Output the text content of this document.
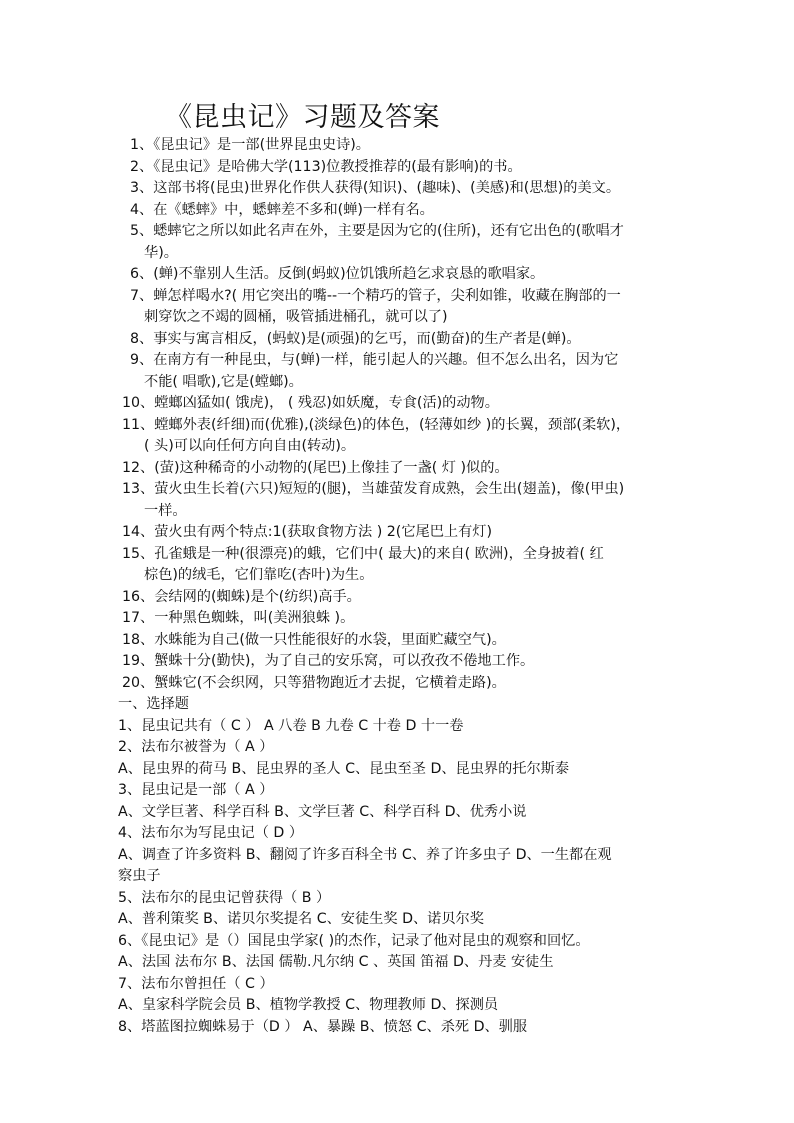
《昆虫记》习题及答案
1、《昆虫记》是一部(世界昆虫史诗)。
2、《昆虫记》是哈佛大学(113)位教授推荐的(最有影响)的书。
3、这部书将(昆虫)世界化作供人获得(知识)、(趣味)、(美感)和(思想)的美文。
4、在《蟋蟀》中，蟋蟀差不多和(蝉)一样有名。
5、蟋蟀它之所以如此名声在外，主要是因为它的(住所)，还有它出色的(歌唱才
华)。
6、(蝉)不靠别人生活。反倒(蚂蚁)位饥饿所趋乞求哀恳的歌唱家。
7、蝉怎样喝水?( 用它突出的嘴--一个精巧的管子，尖利如锥，收藏在胸部的一
刺穿饮之不竭的圆桶，吸管插进桶孔，就可以了)
8、事实与寓言相反，(蚂蚁)是(顽强)的乞丐，而(勤奋)的生产者是(蝉)。
9、在南方有一种昆虫，与(蝉)一样，能引起人的兴趣。但不怎么出名，因为它
不能( 唱歌),它是(螳螂)。
10、螳螂凶猛如( 饿虎)， ( 残忍)如妖魔，专食(活)的动物。
11、螳螂外表(纤细)而(优雅),(淡绿色)的体色，(轻薄如纱 )的长翼，颈部(柔软)，
( 头)可以向任何方向自由(转动)。
12、(萤)这种稀奇的小动物的(尾巴)上像挂了一盏( 灯 )似的。
13、萤火虫生长着(六只)短短的(腿)，当雄萤发育成熟，会生出(翅盖)，像(甲虫)
一样。
14、萤火虫有两个特点:1(获取食物方法 ) 2(它尾巴上有灯)
15、孔雀蛾是一种(很漂亮)的蛾，它们中( 最大)的来自( 欧洲)，全身披着( 红
棕色)的绒毛，它们靠吃(杏叶)为生。
16、会结网的(蜘蛛)是个(纺织)高手。
17、一种黑色蜘蛛，叫(美洲狼蛛 )。
18、水蛛能为自己(做一只性能很好的水袋，里面贮藏空气)。
19、蟹蛛十分(勤快)，为了自己的安乐窝，可以孜孜不倦地工作。
20、蟹蛛它(不会织网，只等猎物跑近才去捉，它横着走路)。
一、选择题
1、昆虫记共有（ C ） A 八卷 B 九卷 C 十卷 D 十一卷
2、法布尔被誉为（ A ）
A、昆虫界的荷马 B、昆虫界的圣人 C、昆虫至圣 D、昆虫界的托尔斯泰
3、昆虫记是一部（ A ）
A、文学巨著、科学百科 B、文学巨著 C、科学百科 D、优秀小说
4、法布尔为写昆虫记（ D ）
A、调查了许多资料 B、翻阅了许多百科全书 C、养了许多虫子 D、一生都在观
察虫子
5、法布尔的昆虫记曾获得（ B ）
A、普利策奖 B、诺贝尔奖提名 C、安徒生奖 D、诺贝尔奖
6、《昆虫记》是（）国昆虫学家( )的杰作，记录了他对昆虫的观察和回忆。
A、法国 法布尔 B、法国 儒勒.凡尔纳 C 、英国 笛福 D、丹麦 安徒生
7、法布尔曾担任（ C ）
A、皇家科学院会员 B、植物学教授 C、物理教师 D、探测员
8、塔蓝图拉蜘蛛易于（D ） A、暴躁 B、愤怒 C、杀死 D、驯服
